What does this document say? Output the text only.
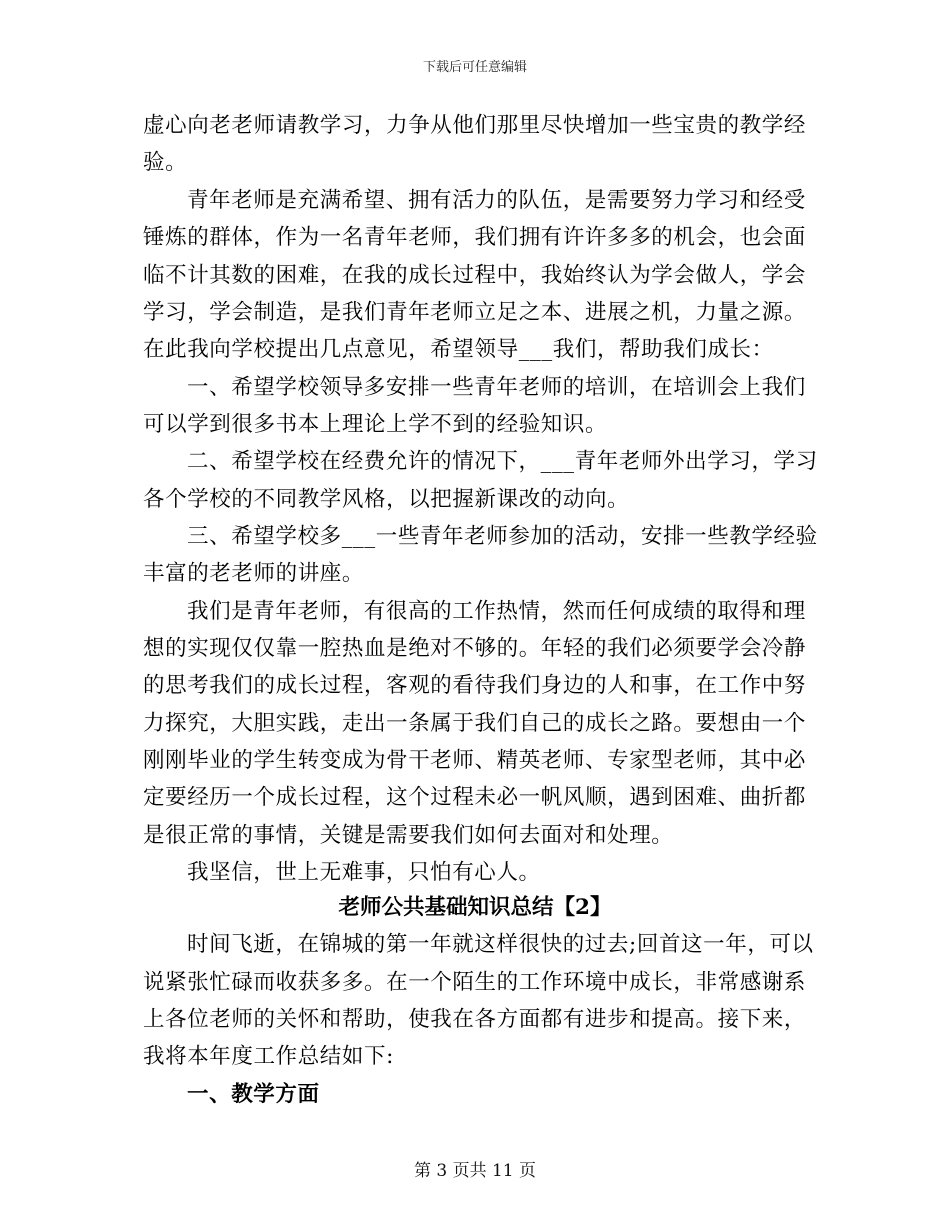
下载后可任意编辑
虚心向老老师请教学习，力争从他们那里尽快增加一些宝贵的教学经
验。
青年老师是充满希望、拥有活力的队伍，是需要努力学习和经受
锤炼的群体，作为一名青年老师，我们拥有许许多多的机会，也会面
临不计其数的困难，在我的成长过程中，我始终认为学会做人，学会
学习，学会制造，是我们青年老师立足之本、进展之机，力量之源。
在此我向学校提出几点意见，希望领导___我们，帮助我们成长：
一、希望学校领导多安排一些青年老师的培训，在培训会上我们
可以学到很多书本上理论上学不到的经验知识。
二、希望学校在经费允许的情况下，___青年老师外出学习，学习
各个学校的不同教学风格，以把握新课改的动向。
三、希望学校多___一些青年老师参加的活动，安排一些教学经验
丰富的老老师的讲座。
我们是青年老师，有很高的工作热情，然而任何成绩的取得和理
想的实现仅仅靠一腔热血是绝对不够的。年轻的我们必须要学会冷静
的思考我们的成长过程，客观的看待我们身边的人和事，在工作中努
力探究，大胆实践，走出一条属于我们自己的成长之路。要想由一个
刚刚毕业的学生转变成为骨干老师、精英老师、专家型老师，其中必
定要经历一个成长过程，这个过程未必一帆风顺，遇到困难、曲折都
是很正常的事情，关键是需要我们如何去面对和处理。
我坚信，世上无难事，只怕有心人。
老师公共基础知识总结【2】
时间飞逝，在锦城的第一年就这样很快的过去;回首这一年，可以
说紧张忙碌而收获多多。在一个陌生的工作环境中成长，非常感谢系
上各位老师的关怀和帮助，使我在各方面都有进步和提高。接下来，
我将本年度工作总结如下:
一、教学方面
第 3 页共 11 页
